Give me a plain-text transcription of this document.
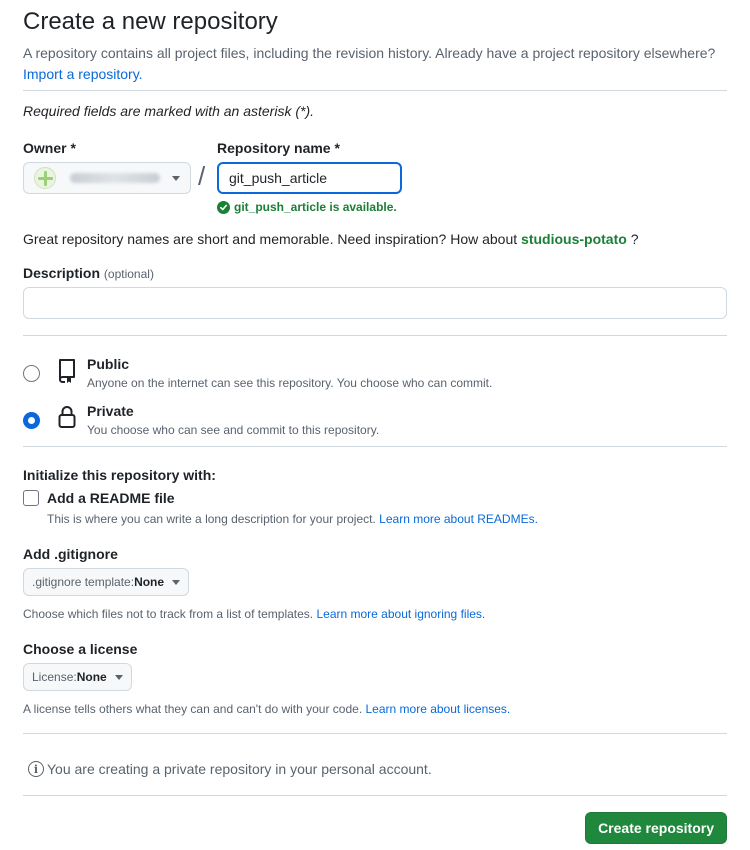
Create a new repository
A repository contains all project files, including the revision history. Already have a project repository elsewhere? Import a repository.
Required fields are marked with an asterisk (*).
Owner *	Repository name *
/
git_push_article
git_push_article is available.
Great repository names are short and memorable. Need inspiration? How about studious-potato ?
Description (optional)
Public
Anyone on the internet can see this repository. You choose who can commit.
Private
You choose who can see and commit to this repository.
Initialize this repository with:
Add a README file
This is where you can write a long description for your project. Learn more about READMEs.
Add .gitignore
.gitignore template: None
Choose which files not to track from a list of templates. Learn more about ignoring files.
Choose a license
License: None
A license tells others what they can and can't do with your code. Learn more about licenses.
i You are creating a private repository in your personal account.
Create repository
